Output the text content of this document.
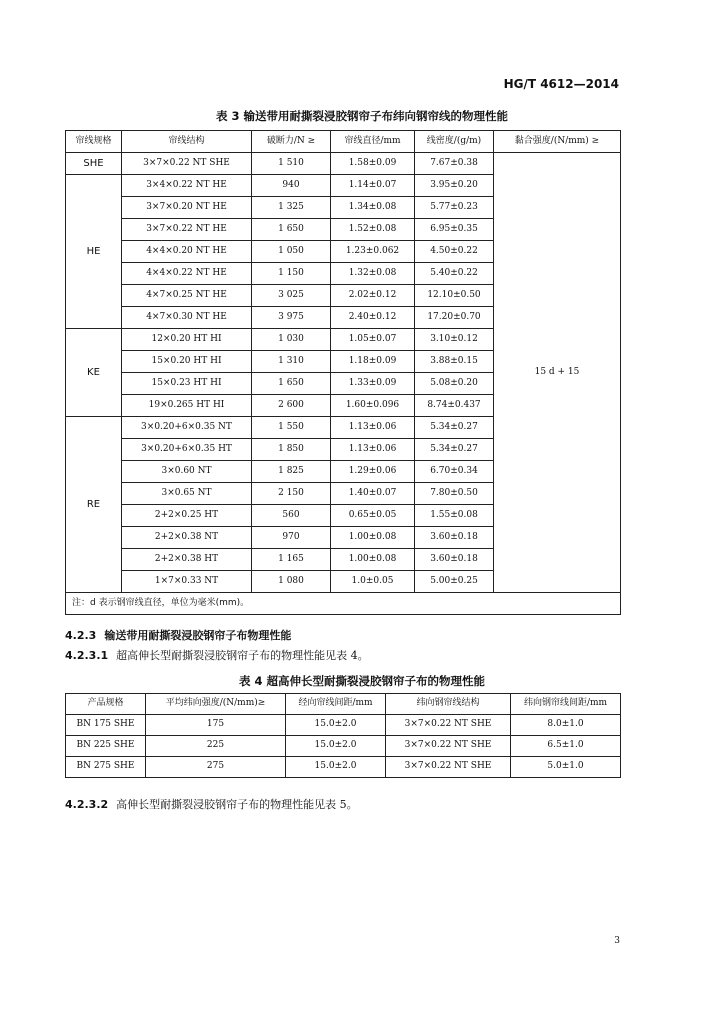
HG/T 4612—2014
表 3 输送带用耐撕裂浸胶钢帘子布纬向钢帘线的物理性能
帘线规格	帘线结构	破断力/N ≥	帘线直径/mm	线密度/(g/m)	黏合强度/(N/mm) ≥
SHE	3×7×0.22 NT SHE	1 510	1.58±0.09	7.67±0.38	15 d + 15
HE	3×4×0.22 NT HE	940	1.14±0.07	3.95±0.20	
	3×7×0.20 NT HE	1 325	1.34±0.08	5.77±0.23	
	3×7×0.22 NT HE	1 650	1.52±0.08	6.95±0.35	
	4×4×0.20 NT HE	1 050	1.23±0.062	4.50±0.22	
	4×4×0.22 NT HE	1 150	1.32±0.08	5.40±0.22	
	4×7×0.25 NT HE	3 025	2.02±0.12	12.10±0.50	
	4×7×0.30 NT HE	3 975	2.40±0.12	17.20±0.70	
KE	12×0.20 HT HI	1 030	1.05±0.07	3.10±0.12	
	15×0.20 HT HI	1 310	1.18±0.09	3.88±0.15	
	15×0.23 HT HI	1 650	1.33±0.09	5.08±0.20	
	19×0.265 HT HI	2 600	1.60±0.096	8.74±0.437	
RE	3×0.20+6×0.35 NT	1 550	1.13±0.06	5.34±0.27	
	3×0.20+6×0.35 HT	1 850	1.13±0.06	5.34±0.27	
	3×0.60 NT	1 825	1.29±0.06	6.70±0.34	
	3×0.65 NT	2 150	1.40±0.07	7.80±0.50	
	2+2×0.25 HT	560	0.65±0.05	1.55±0.08	
	2+2×0.38 NT	970	1.00±0.08	3.60±0.18	
	2+2×0.38 HT	1 165	1.00±0.08	3.60±0.18	
	1×7×0.33 NT	1 080	1.0±0.05	5.00±0.25	
注：d 表示钢帘线直径，单位为毫米(mm)。					
4.2.3 输送带用耐撕裂浸胶钢帘子布物理性能
4.2.3.1 超高伸长型耐撕裂浸胶钢帘子布的物理性能见表 4。
表 4 超高伸长型耐撕裂浸胶钢帘子布的物理性能
产品规格	平均纬向强度/(N/mm)≥	经向帘线间距/mm	纬向钢帘线结构	纬向钢帘线间距/mm
BN 175 SHE	175	15.0±2.0	3×7×0.22 NT SHE	8.0±1.0
BN 225 SHE	225	15.0±2.0	3×7×0.22 NT SHE	6.5±1.0
BN 275 SHE	275	15.0±2.0	3×7×0.22 NT SHE	5.0±1.0
4.2.3.2 高伸长型耐撕裂浸胶钢帘子布的物理性能见表 5。
3
